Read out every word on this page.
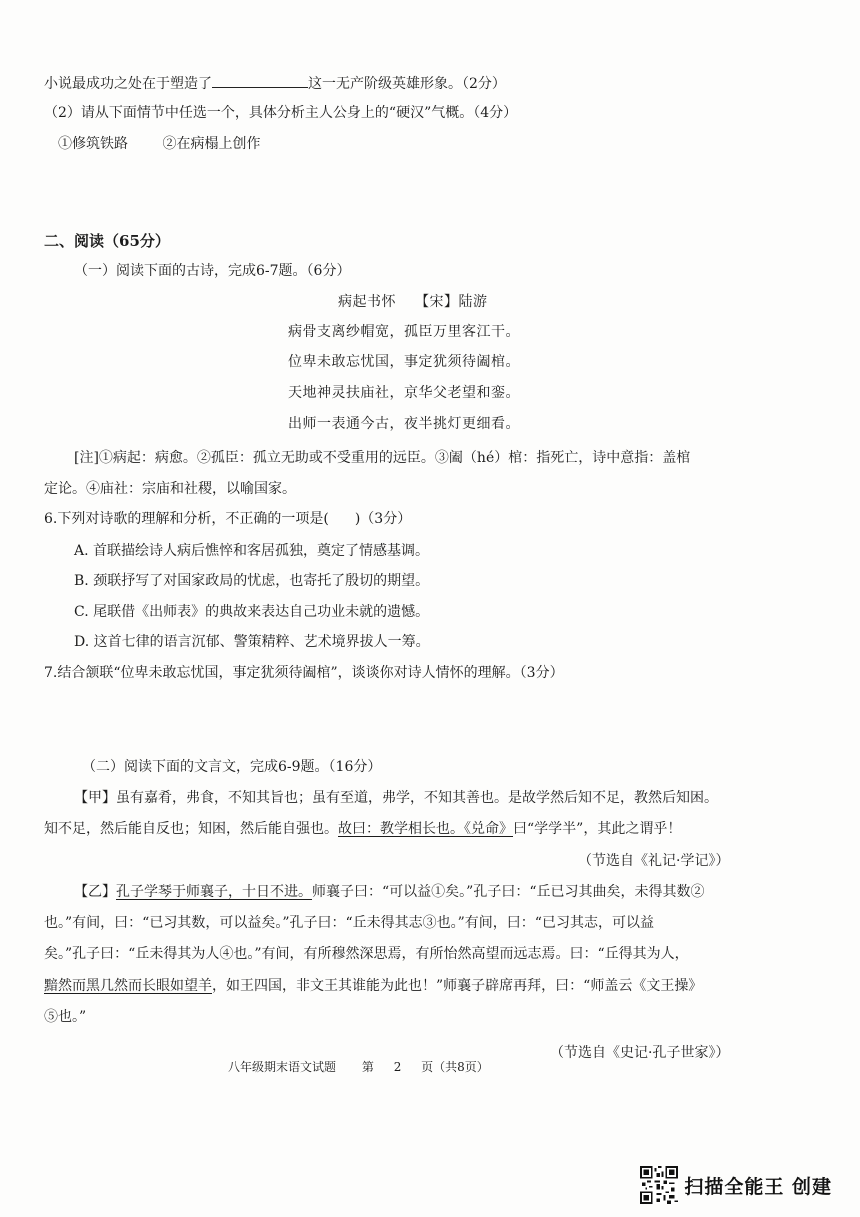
小说最成功之处在于塑造了	这一无产阶级英雄形象。（2分）
（2）请从下面情节中任选一个，具体分析主人公身上的“硬汉”气概。（4分）
①修筑铁路 ②在病榻上创作
二、阅读（65分）
（一）阅读下面的古诗，完成6-7题。（6分）
病起书怀 【宋】陆游
病骨支离纱帽宽，孤臣万里客江干。
位卑未敢忘忧国，事定犹须待阖棺。
天地神灵扶庙社，京华父老望和銮。
出师一表通今古，夜半挑灯更细看。
[注]①病起：病愈。②孤臣：孤立无助或不受重用的远臣。③阖（hé）棺：指死亡，诗中意指：盖棺
定论。④庙社：宗庙和社稷，以喻国家。
6.下列对诗歌的理解和分析，不正确的一项是( )（3分）
A. 首联描绘诗人病后憔悴和客居孤独，奠定了情感基调。
B. 颈联抒写了对国家政局的忧虑，也寄托了殷切的期望。
C. 尾联借《出师表》的典故来表达自己功业未就的遗憾。
D. 这首七律的语言沉郁、警策精粹、艺术境界拔人一筹。
7.结合颔联“位卑未敢忘忧国，事定犹须待阖棺”，谈谈你对诗人情怀的理解。（3分）
（二）阅读下面的文言文，完成6-9题。（16分）
【甲】虽有嘉肴，弗食，不知其旨也；虽有至道，弗学，不知其善也。是故学然后知不足，教然后知困。
知不足，然后能自反也；知困，然后能自强也。故曰：教学相长也。《兑命》曰“学学半”，其此之谓乎！
（节选自《礼记·学记》）
【乙】孔子学琴于师襄子，十日不进。师襄子曰：“可以益①矣。”孔子曰：“丘已习其曲矣，未得其数②
也。”有间，曰：“已习其数，可以益矣。”孔子曰：“丘未得其志③也。”有间，曰：“已习其志，可以益
矣。”孔子曰：“丘未得其为人④也。”有间，有所穆然深思焉，有所怡然高望而远志焉。曰：“丘得其为人，
黯然而黑几然而长眼如望羊，如王四国，非文王其谁能为此也！”师襄子辟席再拜，曰：“师盖云《文王操》
⑤也。”
（节选自《史记·孔子世家》）
八年级期末语文试题 第 2 页（共8页）
扫描全能王 创建
